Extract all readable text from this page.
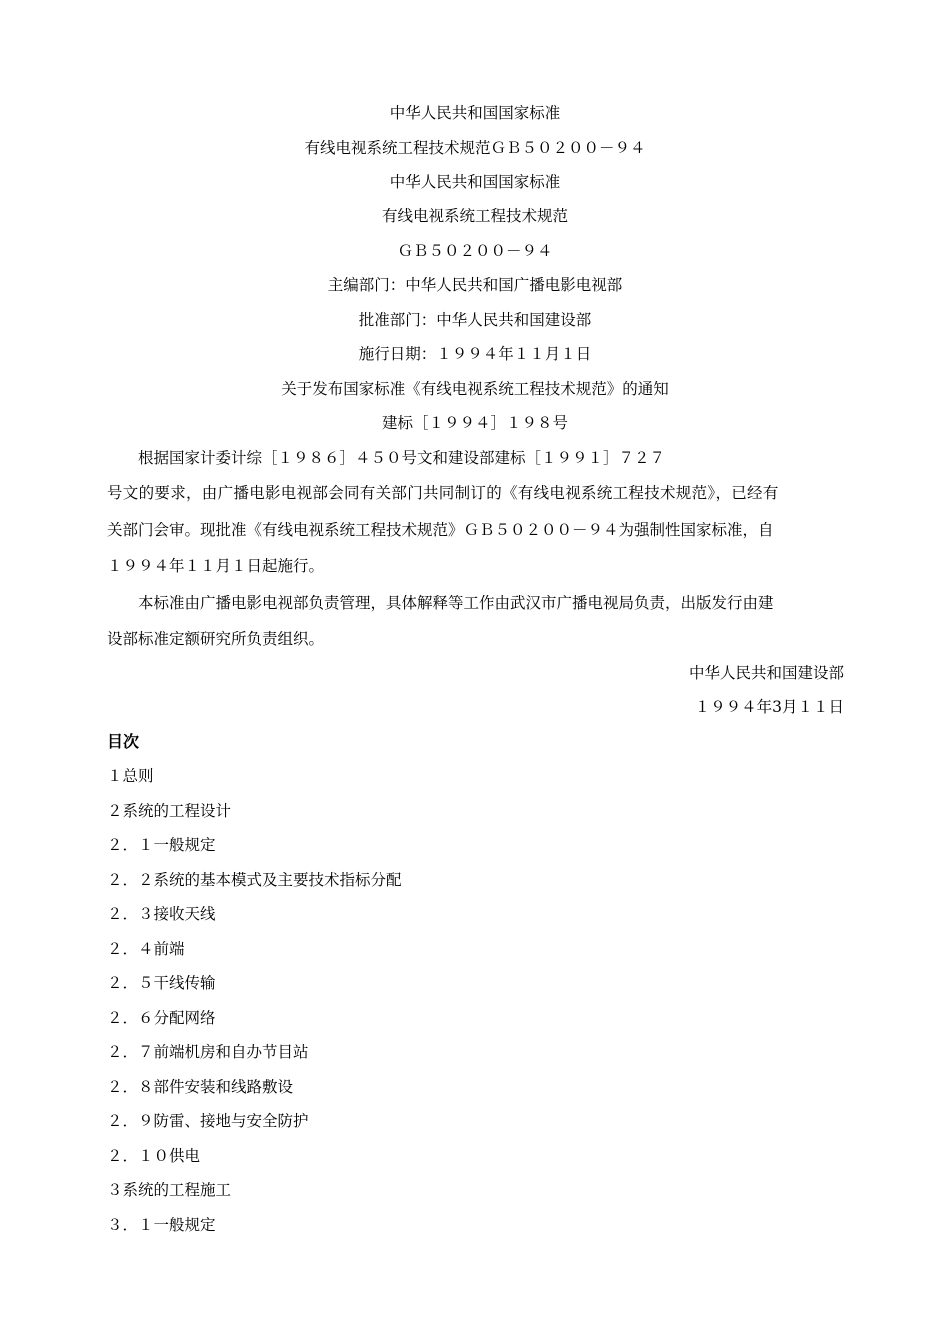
中华人民共和国国家标准
有线电视系统工程技术规范ＧＢ５０２００－９４
中华人民共和国国家标准
有线电视系统工程技术规范
ＧＢ５０２００－９４
主编部门：中华人民共和国广播电影电视部
批准部门：中华人民共和国建设部
施行日期：１９９４年１１月１日
关于发布国家标准《有线电视系统工程技术规范》的通知
建标［１９９４］１９８号
根据国家计委计综［１９８６］４５０号文和建设部建标［１９９１］７２７
号文的要求，由广播电影电视部会同有关部门共同制订的《有线电视系统工程技术规范》，已经有
关部门会审。现批准《有线电视系统工程技术规范》ＧＢ５０２００－９４为强制性国家标准，自
１９９４年１１月１日起施行。
本标准由广播电影电视部负责管理，具体解释等工作由武汉市广播电视局负责，出版发行由建
设部标准定额研究所负责组织。
中华人民共和国建设部
１９９４年3月１１日
目次
１总则
２系统的工程设计
２．１一般规定
２．２系统的基本模式及主要技术指标分配
２．３接收天线
２．４前端
２．５干线传输
２．６分配网络
２．７前端机房和自办节目站
２．８部件安装和线路敷设
２．９防雷、接地与安全防护
２．１０供电
３系统的工程施工
３．１一般规定
